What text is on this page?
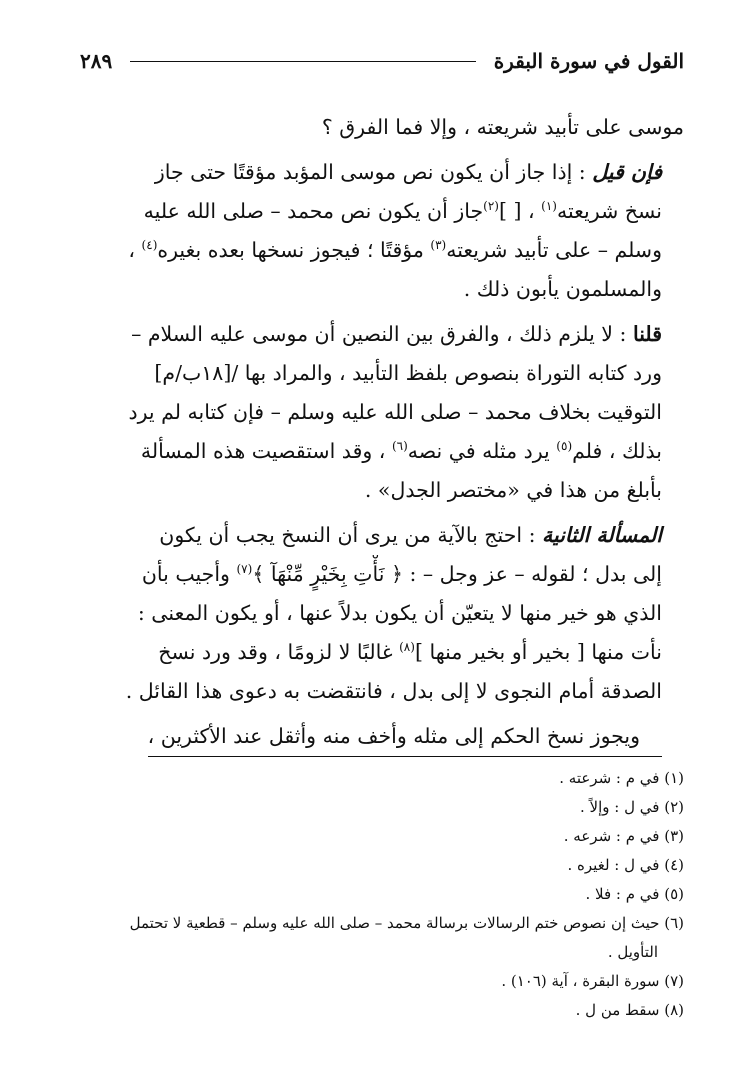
القول في سورة البقرة
٢٨٩
موسى على تأبيد شريعته ، وإلا فما الفرق ؟
فإن قيل : إذا جاز أن يكون نص موسى المؤبد مؤقتًا حتى جاز
نسخ شريعته$^{(١)}$ ، [ ]$^{(٢)}$جاز أن يكون نص محمد – صلى الله عليه
وسلم – على تأبيد شريعته$^{(٣)}$ مؤقتًا ؛ فيجوز نسخها بعده بغيره$^{(٤)}$ ،
والمسلمون يأبون ذلك .
قلنا : لا يلزم ذلك ، والفرق بين النصين أن موسى عليه السلام –
ورد كتابه التوراة بنصوص بلفظ التأبيد ، والمراد بها /[١٨ب/م]
التوقيت بخلاف محمد – صلى الله عليه وسلم – فإن كتابه لم يرد
بذلك ، فلم$^{(٥)}$ يرد مثله في نصه$^{(٦)}$ ، وقد استقصيت هذه المسألة
بأبلغ من هذا في «مختصر الجدل» .
المسألة الثانية : احتج بالآية من يرى أن النسخ يجب أن يكون
إلى بدل ؛ لقوله – عز وجل – : ﴿ نَأْتِ بِخَيْرٍ مِّنْهَآ ﴾$^{(٧)}$ وأجيب بأن
الذي هو خير منها لا يتعيّن أن يكون بدلاً عنها ، أو يكون المعنى :
نأت منها [ بخير أو بخير منها ]$^{(٨)}$ غالبًا لا لزومًا ، وقد ورد نسخ
الصدقة أمام النجوى لا إلى بدل ، فانتقضت به دعوى هذا القائل .
ويجوز نسخ الحكم إلى مثله وأخف منه وأثقل عند الأكثرين ،
(١) في م : شرعته .
(٢) في ل : وإلاً .
(٣) في م : شرعه .
(٤) في ل : لغيره .
(٥) في م : فلا .
(٦) حيث إن نصوص ختم الرسالات برسالة محمد – صلى الله عليه وسلم – قطعية لا تحتمل
التأويل .
(٧) سورة البقرة ، آية (١٠٦) .
(٨) سقط من ل .
